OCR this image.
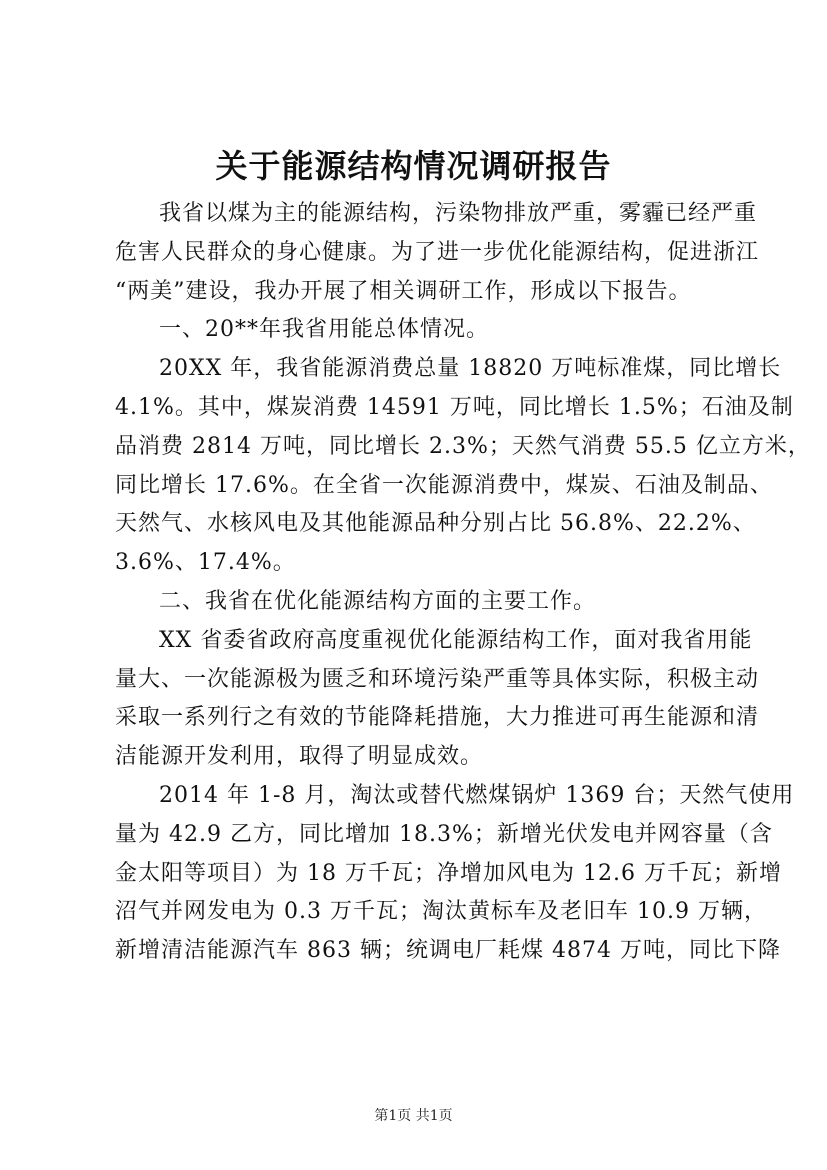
关于能源结构情况调研报告
我省以煤为主的能源结构，污染物排放严重，雾霾已经严重
危害人民群众的身心健康。为了进一步优化能源结构，促进浙江
“两美”建设，我办开展了相关调研工作，形成以下报告。
一、20**年我省用能总体情况。
20XX 年，我省能源消费总量 18820 万吨标准煤，同比增长
4.1%。其中，煤炭消费 14591 万吨，同比增长 1.5%；石油及制
品消费 2814 万吨，同比增长 2.3%；天然气消费 55.5 亿立方米，
同比增长 17.6%。在全省一次能源消费中，煤炭、石油及制品、
天然气、水核风电及其他能源品种分别占比 56.8%、22.2%、
3.6%、17.4%。
二、我省在优化能源结构方面的主要工作。
XX 省委省政府高度重视优化能源结构工作，面对我省用能
量大、一次能源极为匮乏和环境污染严重等具体实际，积极主动
采取一系列行之有效的节能降耗措施，大力推进可再生能源和清
洁能源开发利用，取得了明显成效。
2014 年 1-8 月，淘汰或替代燃煤锅炉 1369 台；天然气使用
量为 42.9 乙方，同比增加 18.3%；新增光伏发电并网容量（含
金太阳等项目）为 18 万千瓦；净增加风电为 12.6 万千瓦；新增
沼气并网发电为 0.3 万千瓦；淘汰黄标车及老旧车 10.9 万辆，
新增清洁能源汽车 863 辆；统调电厂耗煤 4874 万吨，同比下降
第1页 共1页
